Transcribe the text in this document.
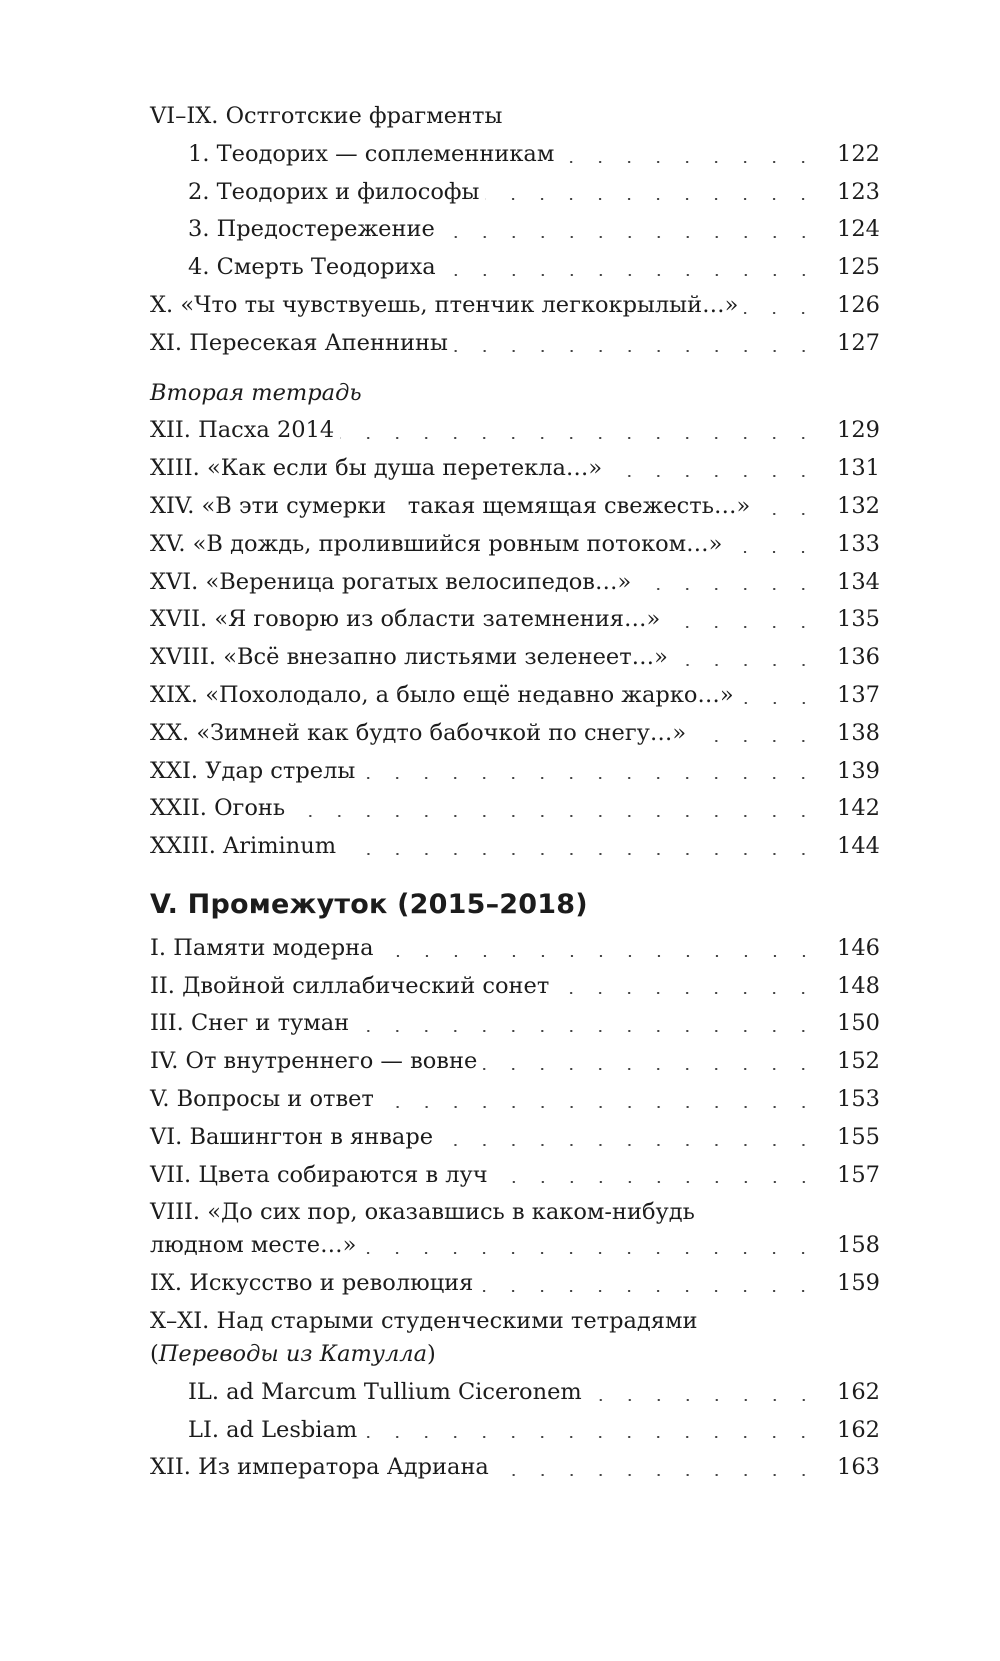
VI–IX. Остготские фрагменты
1. Теодорих — соплеменникам	122
2. Теодорих и философы	123
3. Предостережение	124
4. Смерть Теодориха	125
X. «Что ты чувствуешь, птенчик легкокрылый…»	126
XI. Пересекая Апеннины	127
Вторая тетрадь
XII. Пасха 2014	129
XIII. «Как если бы душа перетекла…»	131
XIV. «В эти сумерки   такая щемящая свежесть…»	132
XV. «В дождь, пролившийся ровным потоком…»	133
XVI. «Вереница рогатых велосипедов…»	134
XVII. «Я говорю из области затемнения…»	135
XVIII. «Всё внезапно листьями зеленеет…»	136
XIX. «Похолодало, а было ещё недавно жарко…»	137
XX. «Зимней как будто бабочкой по снегу…»	138
XXI. Удар стрелы	139
XXII. Огонь	142
XXIII. Ariminum	144
V. Промежуток (2015–2018)
I. Памяти модерна	146
II. Двойной силлабический сонет	148
III. Снег и туман	150
IV. От внутреннего — вовне	152
V. Вопросы и ответ	153
VI. Вашингтон в январе	155
VII. Цвета собираются в луч	157
VIII. «До сих пор, оказавшись в каком-нибудь
людном месте…»	158
IX. Искусство и революция	159
X–XI. Над старыми студенческими тетрадями
(Переводы из Катулла)
IL. ad Marcum Tullium Ciceronem	162
LI. ad Lesbiam	162
XII. Из императора Адриана	163
